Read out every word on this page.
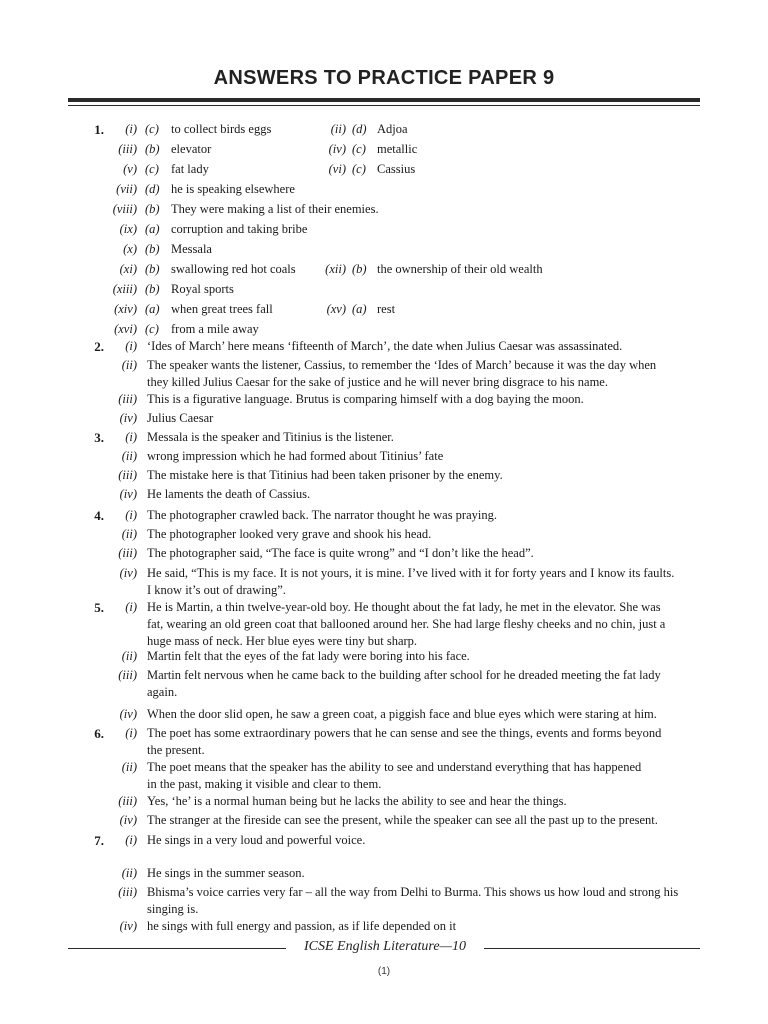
ANSWERS TO PRACTICE PAPER 9
1.	(i) (c) to collect birds eggs	(ii) (d) Adjoa
(iii) (b) elevator	(iv) (c) metallic
(v) (c) fat lady	(vi) (c) Cassius
(vii) (d) he is speaking elsewhere
(viii) (b) They were making a list of their enemies.
(ix) (a) corruption and taking bribe
(x) (b) Messala
(xi) (b) swallowing red hot coals	(xii) (b) the ownership of their old wealth
(xiii) (b) Royal sports
(xiv) (a) when great trees fall	(xv) (a) rest
(xvi) (c) from a mile away
2.	(i) ‘Ides of March’ here means ‘fifteenth of March’, the date when Julius Caesar was assassinated.
(ii) The speaker wants the listener, Cassius, to remember the ‘Ides of March’ because it was the day when
they killed Julius Caesar for the sake of justice and he will never bring disgrace to his name.
(iii) This is a figurative language. Brutus is comparing himself with a dog baying the moon.
(iv) Julius Caesar
3.	(i) Messala is the speaker and Titinius is the listener.
(ii) wrong impression which he had formed about Titinius’ fate
(iii) The mistake here is that Titinius had been taken prisoner by the enemy.
(iv) He laments the death of Cassius.
4.	(i) The photographer crawled back. The narrator thought he was praying.
(ii) The photographer looked very grave and shook his head.
(iii) The photographer said, “The face is quite wrong” and “I don’t like the head”.
(iv) He said, “This is my face. It is not yours, it is mine. I’ve lived with it for forty years and I know its faults.
I know it’s out of drawing”.
5.	(i) He is Martin, a thin twelve-year-old boy. He thought about the fat lady, he met in the elevator. She was
fat, wearing an old green coat that ballooned around her. She had large fleshy cheeks and no chin, just a
huge mass of neck. Her blue eyes were tiny but sharp.
(ii) Martin felt that the eyes of the fat lady were boring into his face.
(iii) Martin felt nervous when he came back to the building after school for he dreaded meeting the fat lady
again.
(iv) When the door slid open, he saw a green coat, a piggish face and blue eyes which were staring at him.
6.	(i) The poet has some extraordinary powers that he can sense and see the things, events and forms beyond
the present.
(ii) The poet means that the speaker has the ability to see and understand everything that has happened
in the past, making it visible and clear to them.
(iii) Yes, ‘he’ is a normal human being but he lacks the ability to see and hear the things.
(iv) The stranger at the fireside can see the present, while the speaker can see all the past up to the present.
7.	(i) He sings in a very loud and powerful voice.
(ii) He sings in the summer season.
(iii) Bhisma’s voice carries very far – all the way from Delhi to Burma. This shows us how loud and strong his
singing is.
(iv) he sings with full energy and passion, as if life depended on it
ICSE English Literature—10
(1)
